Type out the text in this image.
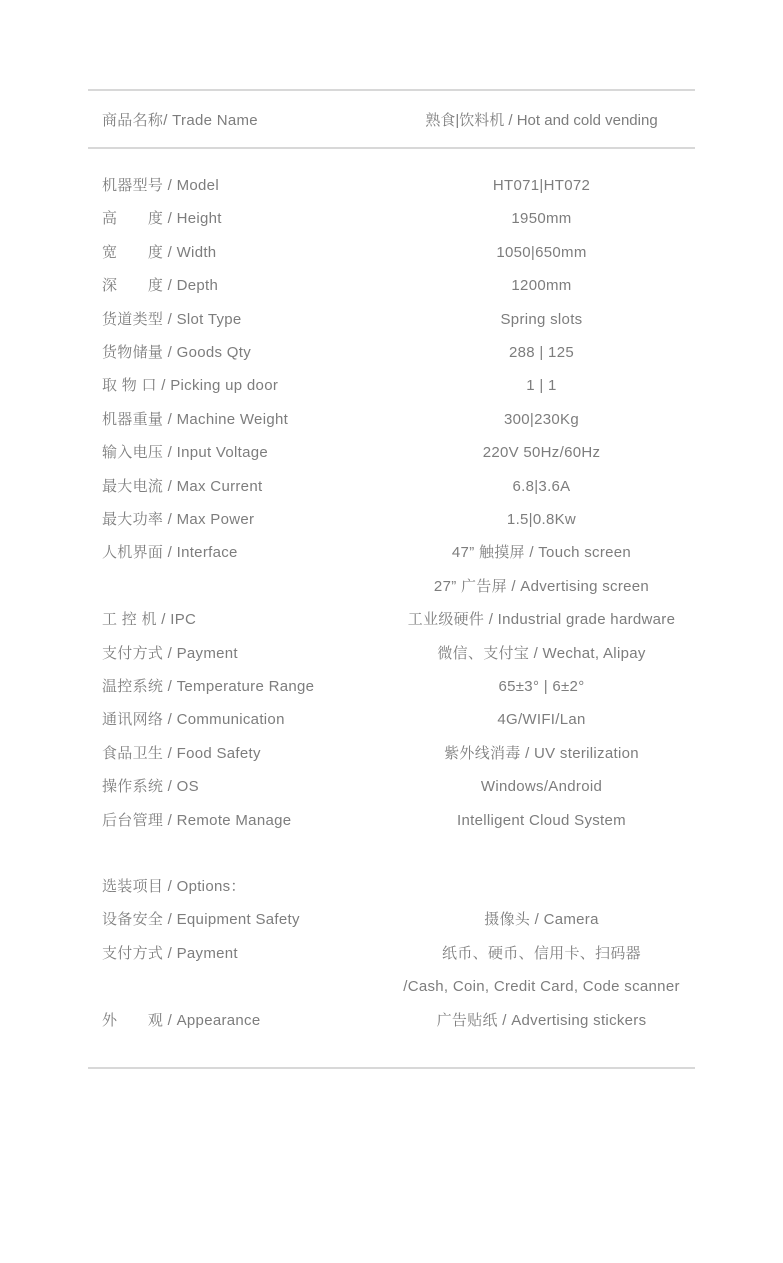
商品名称/ Trade Name	熟食|饮料机 / Hot and cold vending
机器型号 / Model	HT071|HT072
高　　度 / Height	1950mm
宽　　度 / Width	1050|650mm
深　　度 / Depth	1200mm
货道类型 / Slot Type	Spring slots
货物储量 / Goods Qty	288 | 125
取 物 口 / Picking up door	1 | 1
机器重量 / Machine Weight	300|230Kg
输入电压 / Input Voltage	220V 50Hz/60Hz
最大电流 / Max Current	6.8|3.6A
最大功率 / Max Power	1.5|0.8Kw
人机界面 / Interface	47” 触摸屏 / Touch screen
27” 广告屏 / Advertising screen
工 控 机 / IPC	工业级硬件 / Industrial grade hardware
支付方式 / Payment	微信、支付宝 / Wechat, Alipay
温控系统 / Temperature Range	65±3° | 6±2°
通讯网络 / Communication	4G/WIFI/Lan
食品卫生 / Food Safety	紫外线消毒 / UV sterilization
操作系统 / OS	Windows/Android
后台管理 / Remote Manage	Intelligent Cloud System
选装项目 / Options：
设备安全 / Equipment Safety	摄像头 / Camera
支付方式 / Payment	纸币、硬币、信用卡、扫码器
/Cash, Coin, Credit Card, Code scanner
外　　观 / Appearance	广告贴纸 / Advertising stickers
